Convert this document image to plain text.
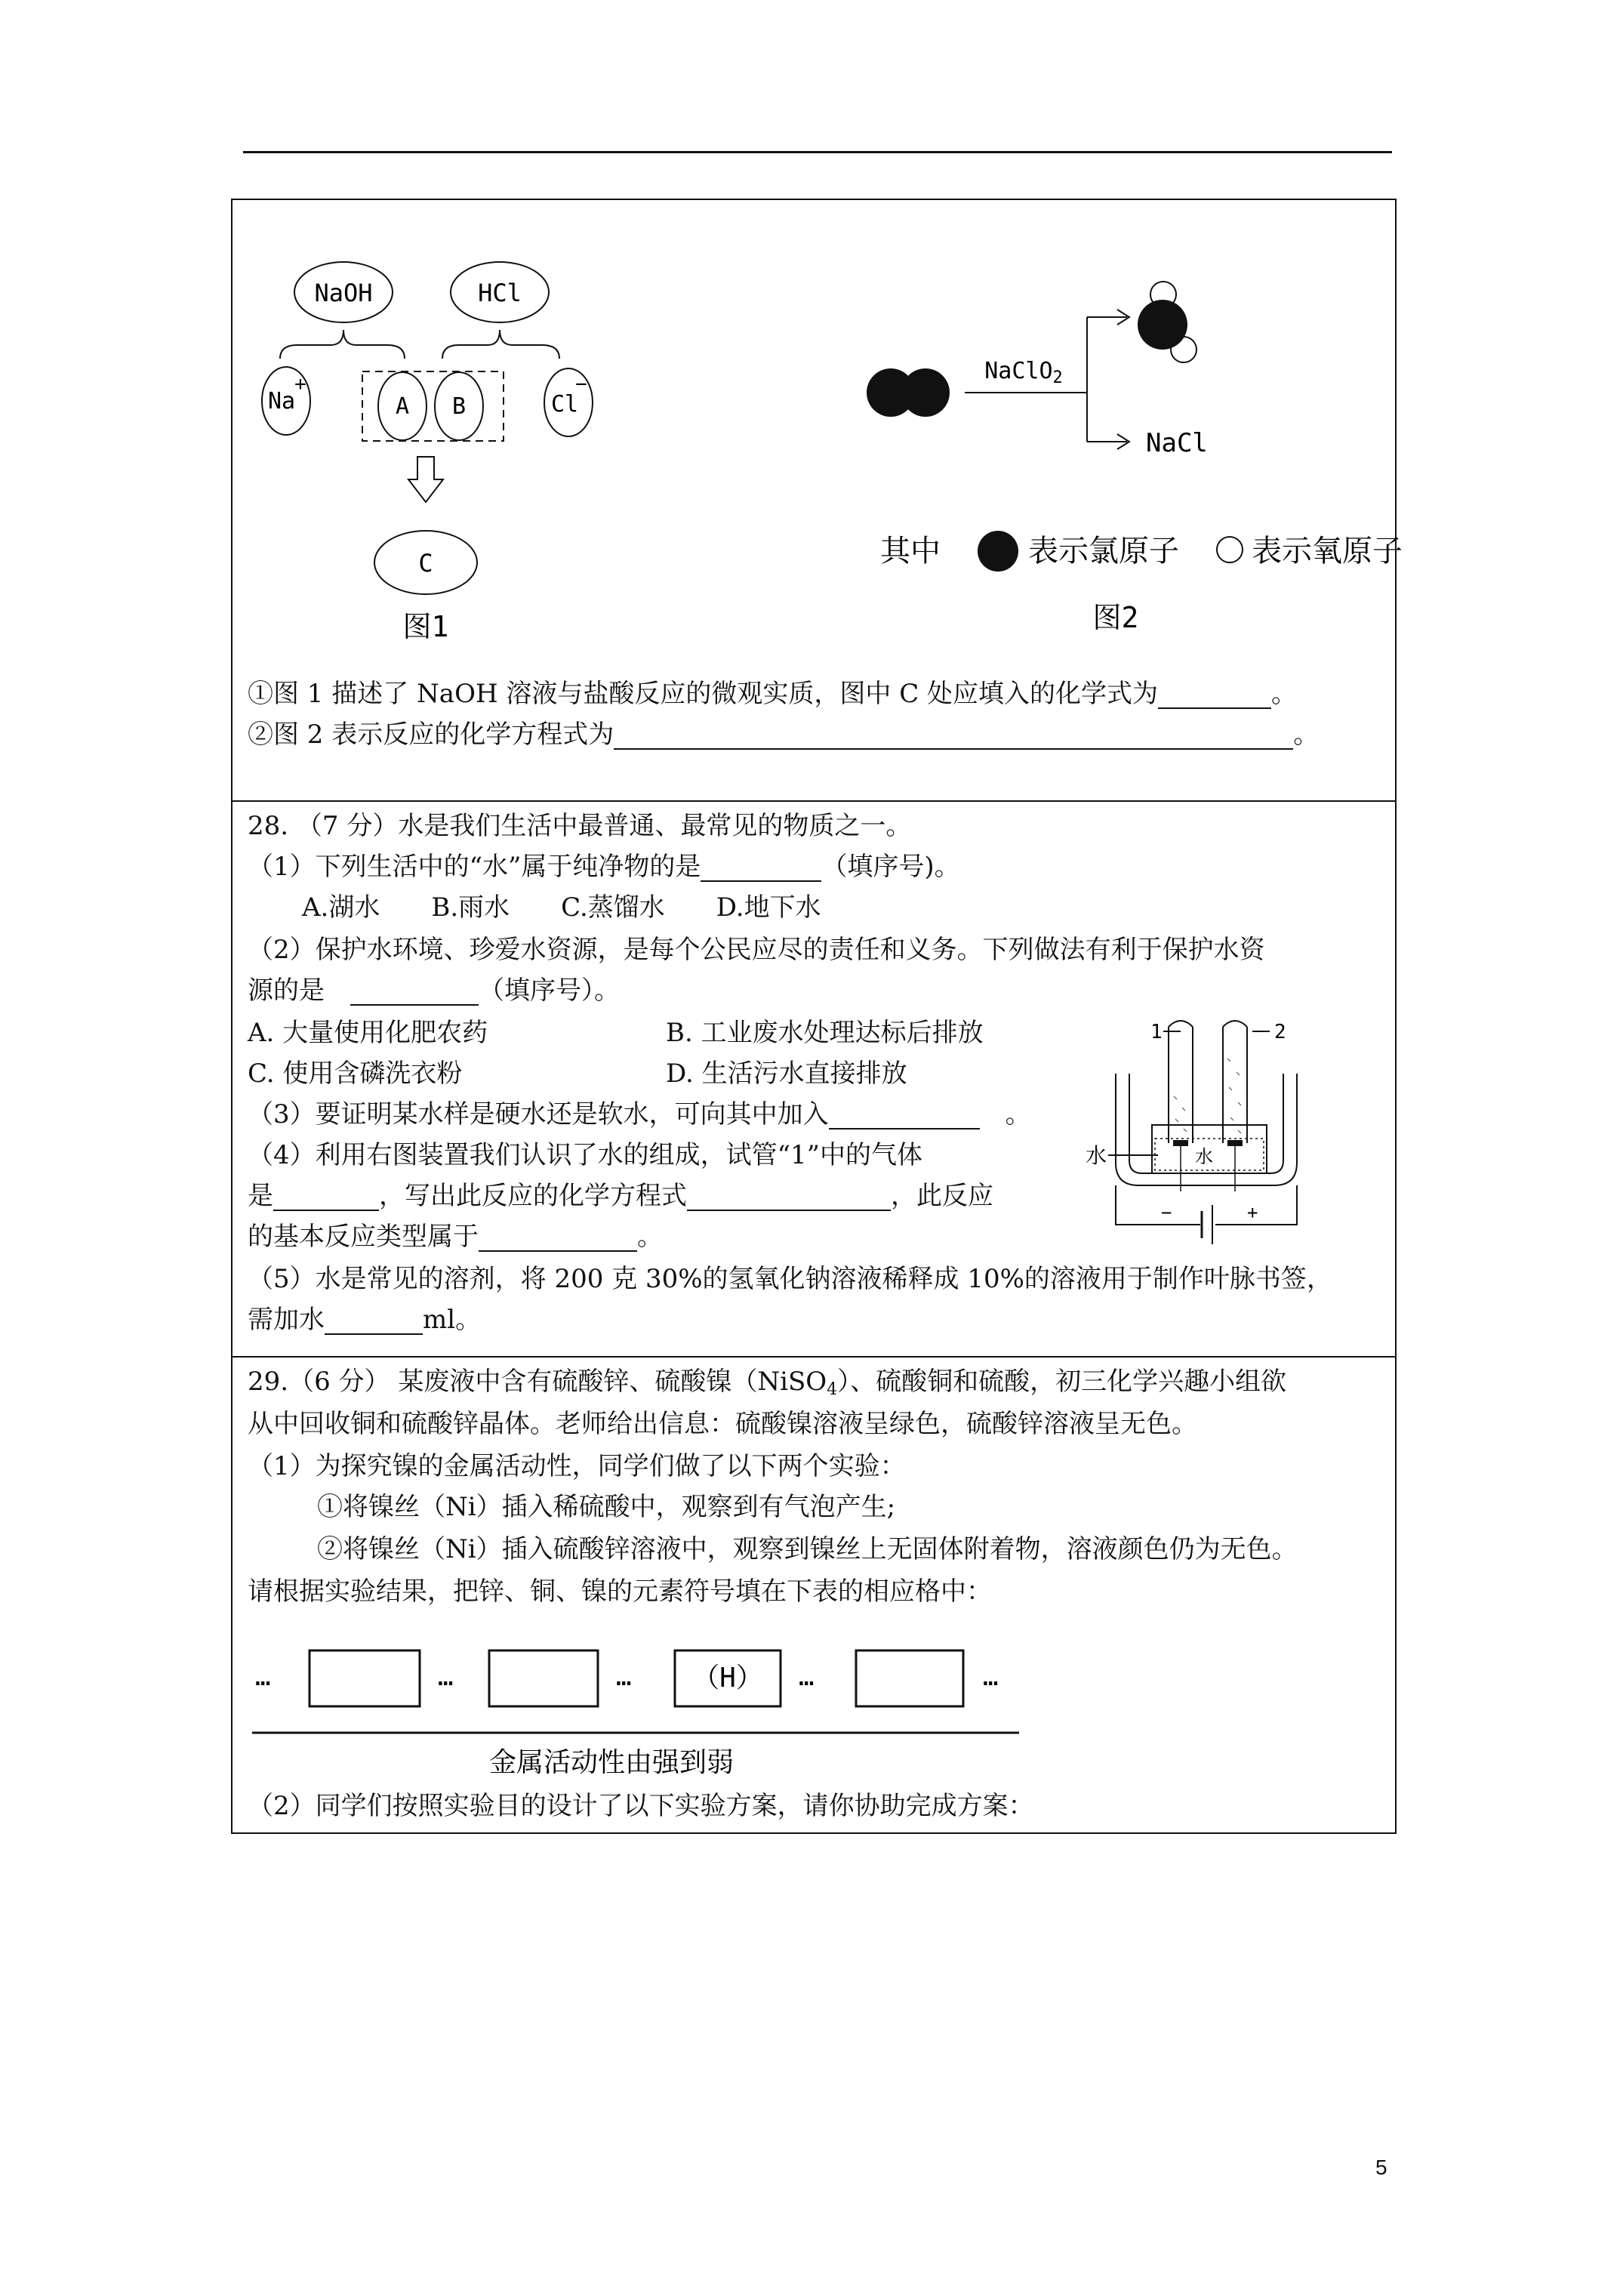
NaOH	HCl
Na
+
A B	Cl
−
C
图1
NaClO$_2$
NaCl
其中	表示氯原子 表示氧原子
图2
①图 1 描述了 NaOH 溶液与盐酸反应的微观实质，图中 C 处应填入的化学式为	。
②图 2 表示反应的化学方程式为	。
28. （7 分）水是我们生活中最普通、最常见的物质之一。
（1）下列生活中的“水”属于纯净物的是	（填序号)。
A.湖水　　B.雨水　　C.蒸馏水　　D.地下水
（2）保护水环境、珍爱水资源，是每个公民应尽的责任和义务。下列做法有利于保护水资
源的是　	（填序号）。
A. 大量使用化肥农药	B. 工业废水处理达标后排放
C. 使用含磷洗衣粉	D. 生活污水直接排放
（3）要证明某水样是硬水还是软水，可向其中加入　	。
（4）利用右图装置我们认识了水的组成，试管“1”中的气体
是	，写出此反应的化学方程式	，此反应
的基本反应类型属于	。
（5）水是常见的溶剂，将 200 克 30%的氢氧化钠溶液稀释成 10%的溶液用于制作叶脉书签，
需加水	ml。
1	2
水
水
−	+
29.（6 分） 某废液中含有硫酸锌、硫酸镍（NiSO$_4$）、硫酸铜和硫酸，初三化学兴趣小组欲
从中回收铜和硫酸锌晶体。老师给出信息：硫酸镍溶液呈绿色，硫酸锌溶液呈无色。
（1）为探究镍的金属活动性，同学们做了以下两个实验：
①将镍丝（Ni）插入稀硫酸中，观察到有气泡产生;
②将镍丝（Ni）插入硫酸锌溶液中，观察到镍丝上无固体附着物，溶液颜色仍为无色。
请根据实验结果，把锌、铜、镍的元素符号填在下表的相应格中：
…	…	… （H） …	…
金属活动性由强到弱
（2）同学们按照实验目的设计了以下实验方案，请你协助完成方案：
5
